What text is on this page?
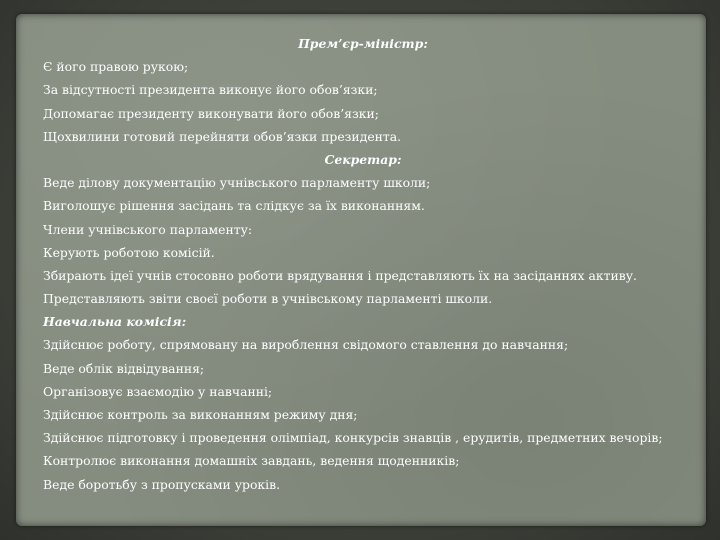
Прем’єр-міністр:
Є його правою рукою;
За відсутності президента виконує його обов’язки;
Допомагає президенту виконувати його обов’язки;
Щохвилини готовий перейняти обов’язки президента.
Секретар:
Веде ділову документацію учнівського парламенту школи;
Виголошує рішення засідань та слідкує за їх виконанням.
Члени учнівського парламенту:
Керують роботою комісій.
Збирають ідеї учнів стосовно роботи врядування і представляють їх на засіданнях активу.
Представляють звіти своєї роботи в учнівському парламенті школи.
Навчальна комісія:
Здійснює роботу, спрямовану на вироблення свідомого ставлення до навчання;
Веде облік відвідування;
Організовує взаємодію у навчанні;
Здійснює контроль за виконанням режиму дня;
Здійснює підготовку і проведення олімпіад, конкурсів знавців , ерудитів, предметних вечорів;
Контролює виконання домашніх завдань, ведення щоденників;
Веде боротьбу з пропусками уроків.
